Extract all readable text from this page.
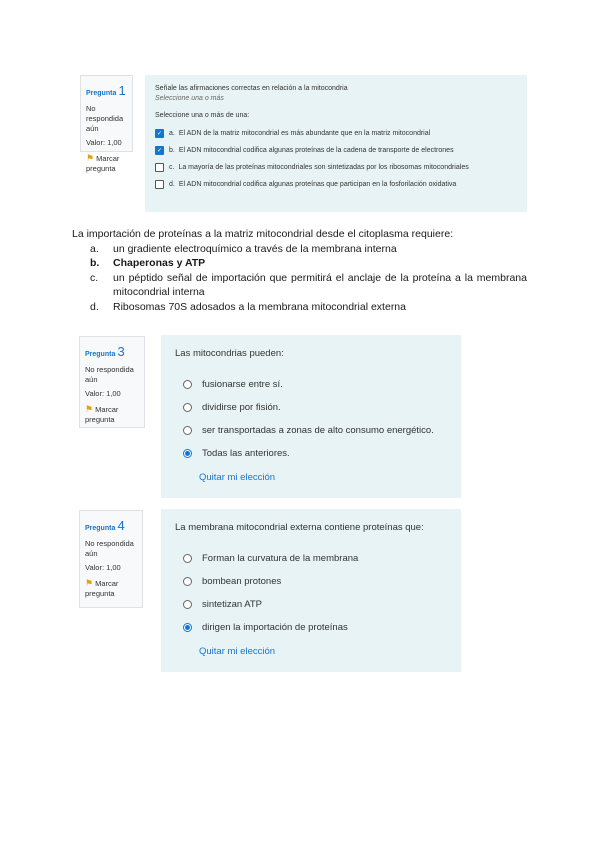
Pregunta 1
No respondida aún
Valor: 1,00
⚑ Marcar pregunta
Señale las afirmaciones correctas en relación a la mitocondria
Seleccione una o más
Seleccione una o más de una:
✓ a. El ADN de la matriz mitocondrial es más abundante que en la matriz mitocondrial
✓ b. El ADN mitocondrial codifica algunas proteínas de la cadena de transporte de electrones
c. La mayoría de las proteínas mitocondriales son sintetizadas por los ribosomas mitocondriales
d. El ADN mitocondrial codifica algunas proteínas que participan en la fosforilación oxidativa
La importación de proteínas a la matriz mitocondrial desde el citoplasma requiere:
a.	un gradiente electroquímico a través de la membrana interna
b.	Chaperonas y ATP
c.	un péptido señal de importación que permitirá el anclaje de la proteína a la membrana mitocondrial interna
d.	Ribosomas 70S adosados a la membrana mitocondrial externa
Pregunta 3
No respondida aún
Valor: 1,00
⚑ Marcar pregunta
Las mitocondrias pueden:
fusionarse entre sí.
dividirse por fisión.
ser transportadas a zonas de alto consumo energético.
Todas las anteriores.
Quitar mi elección
Pregunta 4
No respondida aún
Valor: 1,00
⚑ Marcar pregunta
La membrana mitocondrial externa contiene proteínas que:
Forman la curvatura de la membrana
bombean protones
sintetizan ATP
dirigen la importación de proteínas
Quitar mi elección
